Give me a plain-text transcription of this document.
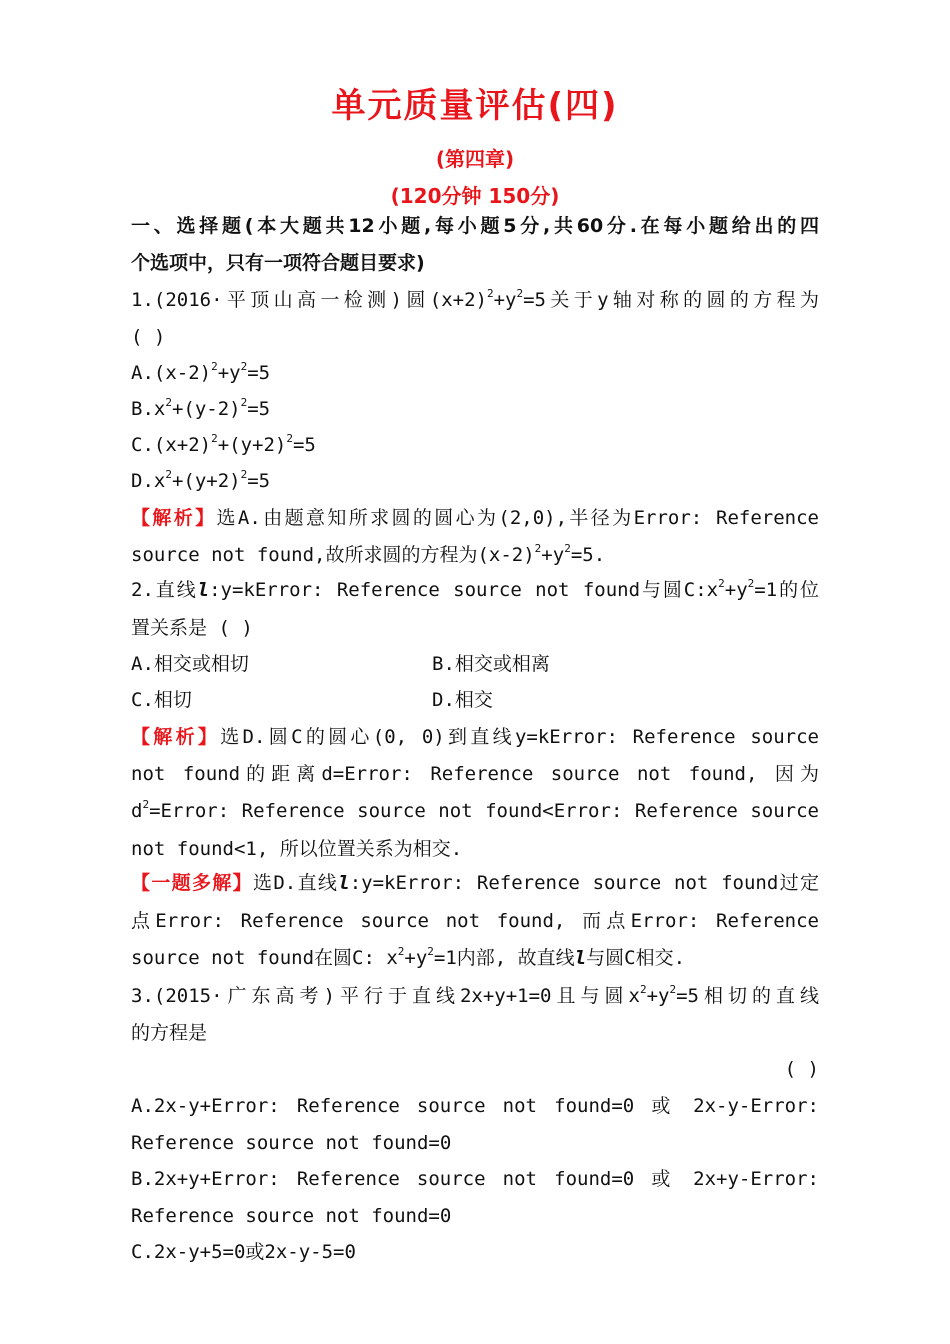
单元质量评估(四)
(第四章)
(120分钟 150分)
一、选择题(本大题共12小题,每小题5分,共60分.在每小题给出的四
个选项中，只有一项符合题目要求)
1.(2016·平顶山高一检测)圆$(x+2)^2+y^2=5$关于y轴对称的圆的方程为
( )
$A.(x-2)^2+y^2=5$
$B.x^2+(y-2)^2=5$
$C.(x+2)^2+(y+2)^2=5$
$D.x^2+(y+2)^2=5$
【解析】选A.由题意知所求圆的圆心为(2,0),半径为Error: Reference
source not found,故所求圆的方程为$(x-2)^2+y^2=5$.
2.直线l:y=kError: Reference source not found与圆$C:x^2+y^2=1$的位
置关系是 ( )
A.相交或相切	B.相交或相离
C.相切	D.相交
【解析】选D.圆C的圆心(0, 0)到直线y=kError: Reference source
not found的距离d=Error: Reference source not found, 因为
$d^2=Error$: Reference source not found<Error: Reference source
not found<1, 所以位置关系为相交.
【一题多解】选D.直线l:y=kError: Reference source not found过定
点Error: Reference source not found, 而点Error: Reference
source not found在圆C: $x^2+y^2=1$内部, 故直线l与圆C相交.
3.(2015·广东高考)平行于直线2x+y+1=0且与圆$x^2+y^2=5$相切的直线
的方程是
( )
A.2x-y+Error: Reference source not found=0 或 2x-y-Error:
Reference source not found=0
B.2x+y+Error: Reference source not found=0 或 2x+y-Error:
Reference source not found=0
C.2x-y+5=0或2x-y-5=0
